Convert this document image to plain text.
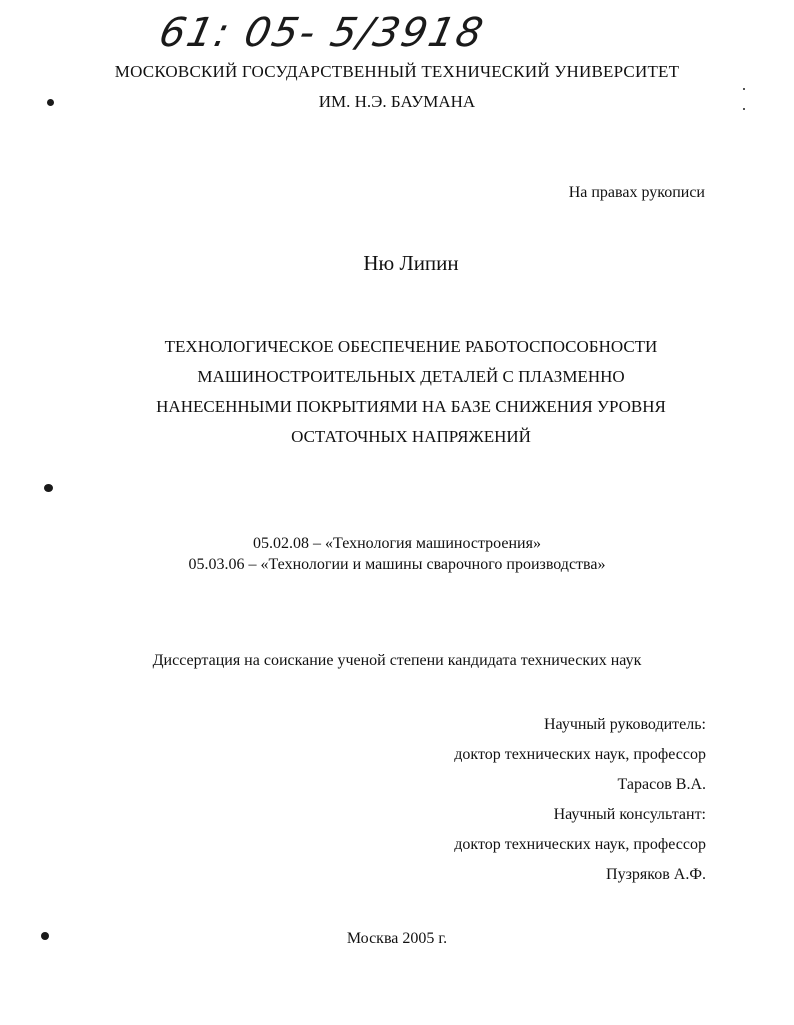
61: 05- 5/3918
МОСКОВСКИЙ ГОСУДАРСТВЕННЫЙ ТЕХНИЧЕСКИЙ УНИВЕРСИТЕТ
ИМ. Н.Э. БАУМАНА
На правах рукописи
Ню Липин
ТЕХНОЛОГИЧЕСКОЕ ОБЕСПЕЧЕНИЕ РАБОТОСПОСОБНОСТИ
МАШИНОСТРОИТЕЛЬНЫХ ДЕТАЛЕЙ С ПЛАЗМЕННО
НАНЕСЕННЫМИ ПОКРЫТИЯМИ НА БАЗЕ СНИЖЕНИЯ УРОВНЯ
ОСТАТОЧНЫХ НАПРЯЖЕНИЙ
05.02.08 – «Технология машиностроения»
05.03.06 – «Технологии и машины сварочного производства»
Диссертация на соискание ученой степени кандидата технических наук
Научный руководитель:
доктор технических наук, профессор
Тарасов В.А.
Научный консультант:
доктор технических наук, профессор
Пузряков А.Ф.
Москва 2005 г.
